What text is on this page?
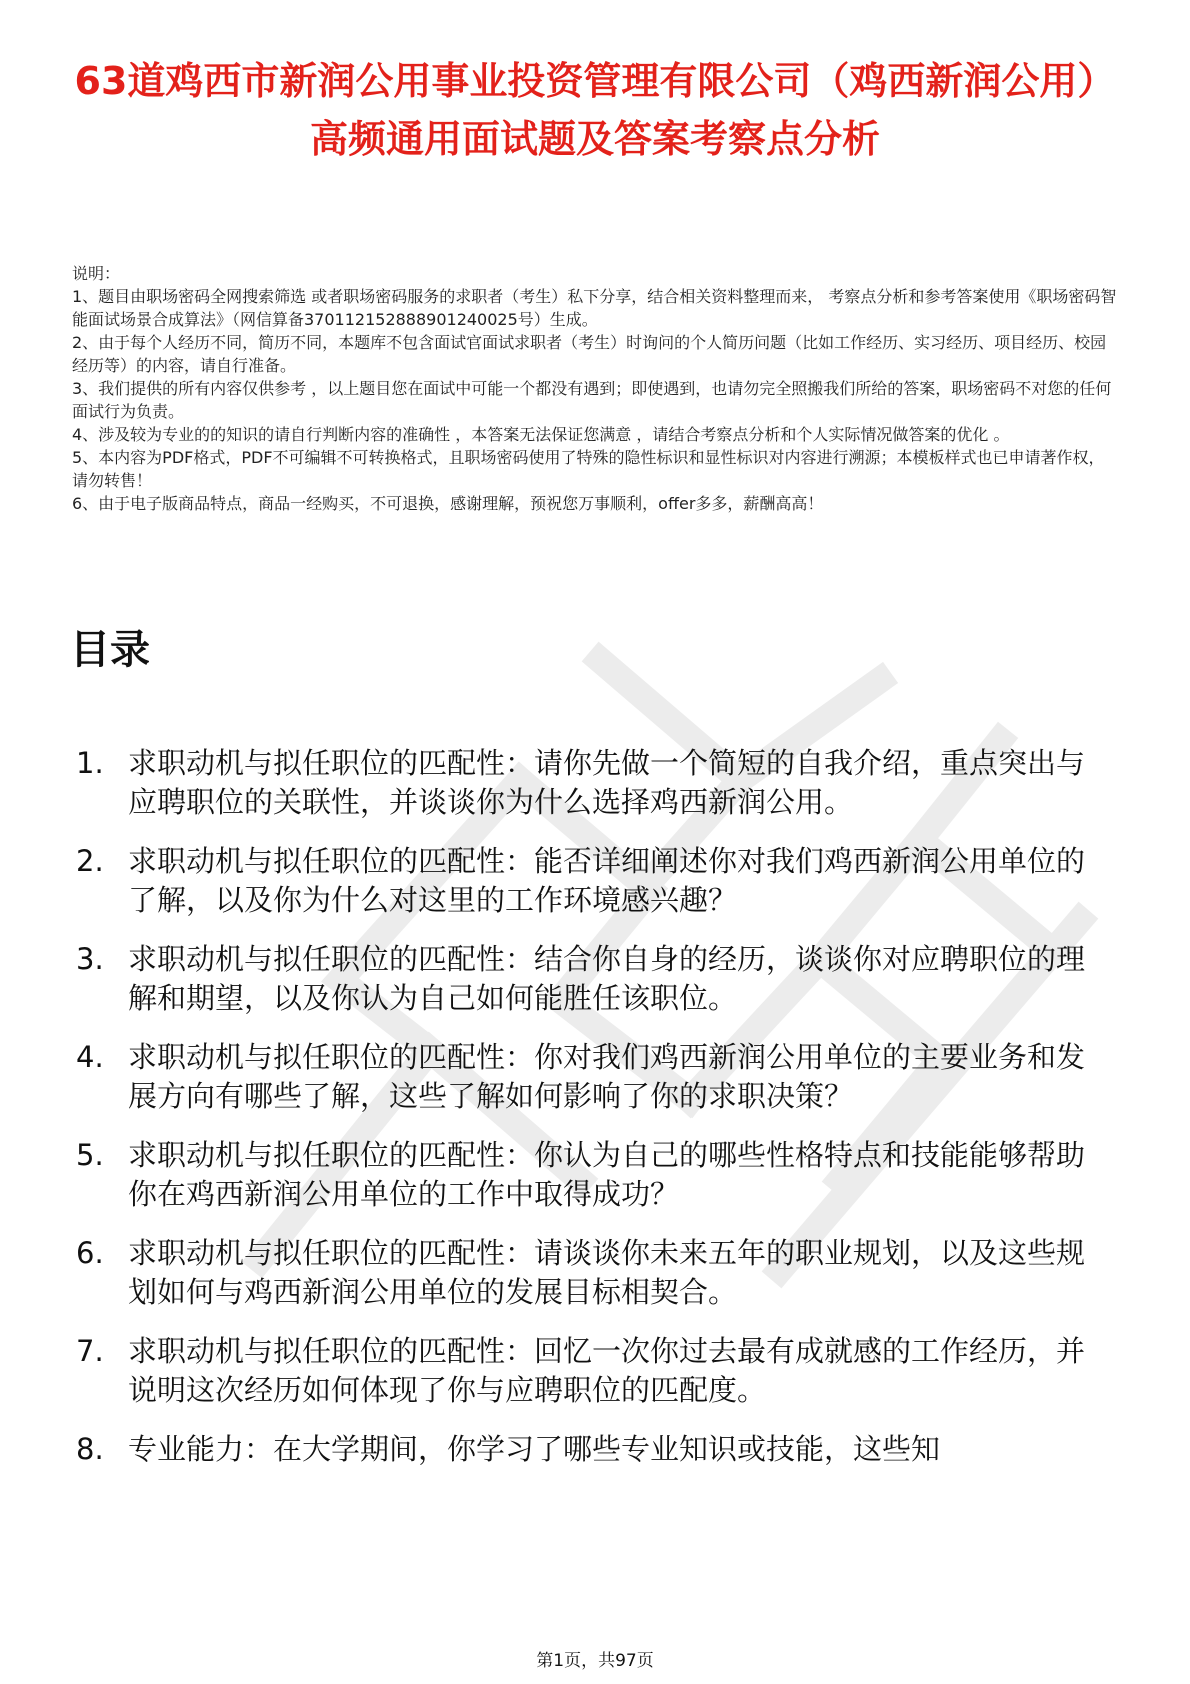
63道鸡西市新润公用事业投资管理有限公司（鸡西新润公用）高频通用面试题及答案考察点分析

说明：

1、题目由职场密码全网搜索筛选 或者职场密码服务的求职者（考生）私下分享，结合相关资料整理而来， 考察点分析和参考答案使用《职场密码智能面试场景合成算法》（网信算备370112152888901240025号）生成。

2、由于每个人经历不同，简历不同，本题库不包含面试官面试求职者（考生）时询问的个人简历问题（比如工作经历、实习经历、项目经历、校园经历等）的内容，请自行准备。

3、我们提供的所有内容仅供参考 ，以上题目您在面试中可能一个都没有遇到；即使遇到，也请勿完全照搬我们所给的答案，职场密码不对您的任何面试行为负责。

4、涉及较为专业的的知识的请自行判断内容的准确性 ，本答案无法保证您满意 ，请结合考察点分析和个人实际情况做答案的优化 。

5、本内容为PDF格式，PDF不可编辑不可转换格式，且职场密码使用了特殊的隐性标识和显性标识对内容进行溯源；本模板样式也已申请著作权，请勿转售！

6、由于电子版商品特点，商品一经购买，不可退换，感谢理解，预祝您万事顺利，offer多多，薪酬高高！

目录
1. 求职动机与拟任职位的匹配性：请你先做一个简短的自我介绍，重点突出与应聘职位的关联性，并谈谈你为什么选择鸡西新润公用。
2. 求职动机与拟任职位的匹配性：能否详细阐述你对我们鸡西新润公用单位的了解，以及你为什么对这里的工作环境感兴趣？
3. 求职动机与拟任职位的匹配性：结合你自身的经历，谈谈你对应聘职位的理解和期望，以及你认为自己如何能胜任该职位。
4. 求职动机与拟任职位的匹配性：你对我们鸡西新润公用单位的主要业务和发展方向有哪些了解，这些了解如何影响了你的求职决策？
5. 求职动机与拟任职位的匹配性：你认为自己的哪些性格特点和技能能够帮助你在鸡西新润公用单位的工作中取得成功？
6. 求职动机与拟任职位的匹配性：请谈谈你未来五年的职业规划，以及这些规划如何与鸡西新润公用单位的发展目标相契合。
7. 求职动机与拟任职位的匹配性：回忆一次你过去最有成就感的工作经历，并说明这次经历如何体现了你与应聘职位的匹配度。
8. 专业能力：在大学期间，你学习了哪些专业知识或技能，这些知

第1页，共97页
